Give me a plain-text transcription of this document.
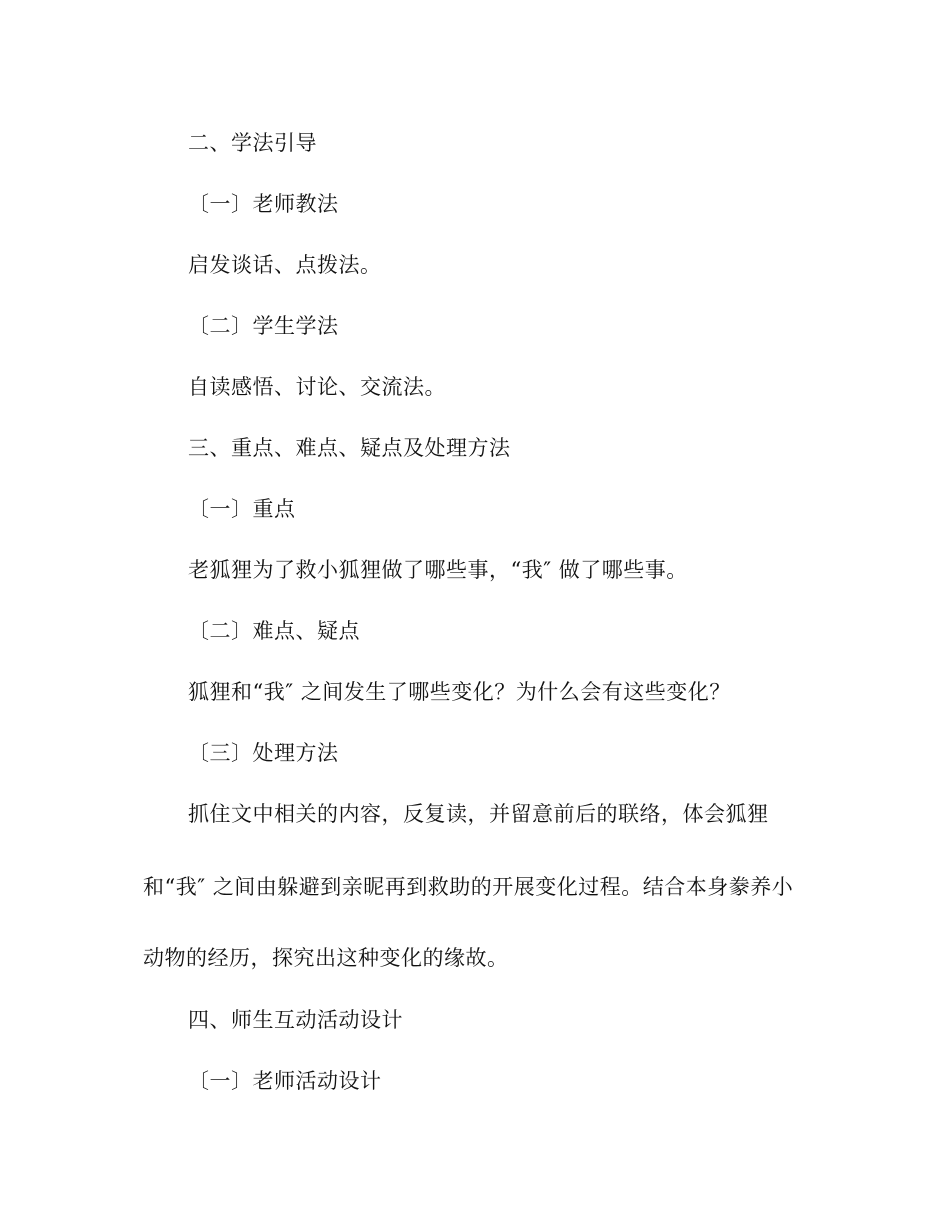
二、学法引导
〔一〕老师教法
启发谈话、点拨法。
〔二〕学生学法
自读感悟、讨论、交流法。
三、重点、难点、疑点及处理方法
〔一〕重点
老狐狸为了救小狐狸做了哪些事，“我″ 做了哪些事。
〔二〕难点、疑点
狐狸和“我″ 之间发生了哪些变化？为什么会有这些变化？
〔三〕处理方法
抓住文中相关的内容，反复读，并留意前后的联络，体会狐狸
和“我″ 之间由躲避到亲昵再到救助的开展变化过程。结合本身豢养小
动物的经历，探究出这种变化的缘故。
四、师生互动活动设计
〔一〕老师活动设计
